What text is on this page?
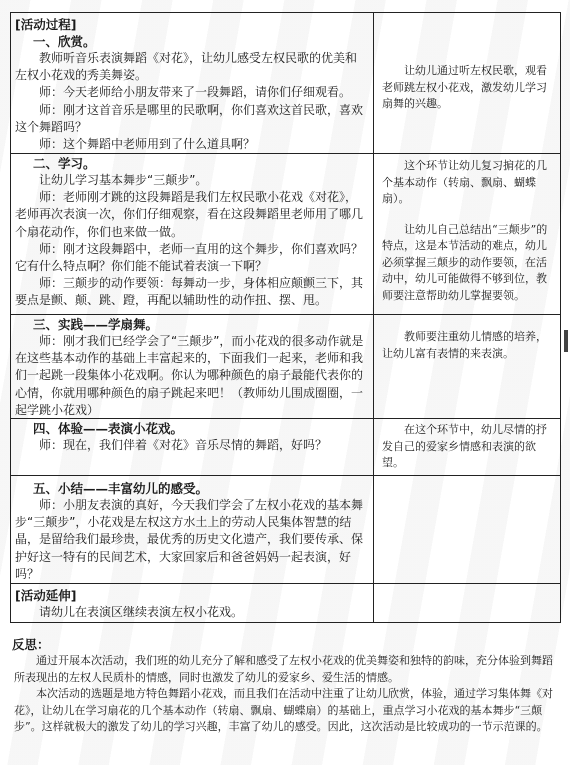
[活动过程]
一、欣赏。

教师听音乐表演舞蹈《对花》，让幼儿感受左权民歌的优美和左权小花戏的秀美舞姿。

师：今天老师给小朋友带来了一段舞蹈，请你们仔细观看。

师：刚才这首音乐是哪里的民歌啊，你们喜欢这首民歌，喜欢这个舞蹈吗？

师：这个舞蹈中老师用到了什么道具啊？

让幼儿通过听左权民歌，观看老师跳左权小花戏，激发幼儿学习扇舞的兴趣。

二、学习。

让幼儿学习基本舞步“三颠步”。

师：老师刚才跳的这段舞蹈是我们左权民歌小花戏《对花》，老师再次表演一次，你们仔细观察，看在这段舞蹈里老师用了哪几个扇花动作，你们也来做一做。

师：刚才这段舞蹈中，老师一直用的这个舞步，你们喜欢吗？它有什么特点啊？你们能不能试着表演一下啊？

师：三颠步的动作要领：每舞动一步，身体相应颠颤三下，其要点是颤、颠、跳、蹬，再配以辅助性的动作扭、摆、甩。

这个环节让幼儿复习掮花的几个基本动作（转扇、飘扇、蝴蝶扇）。

让幼儿自己总结出“三颠步”的特点，这是本节活动的难点，幼儿必须掌握三颠步的动作要领，在活动中，幼儿可能做得不够到位，教师要注意帮助幼儿掌握要领。

三、实践——学扇舞。

师：刚才我们已经学会了“三颠步”，而小花戏的很多动作就是在这些基本动作的基础上丰富起来的，下面我们一起来，老师和我们一起跳一段集体小花戏啊。你认为哪种颜色的扇子最能代表你的心情，你就用哪种颜色的扇子跳起来吧！（教师幼儿围成圈圈，一起学跳小花戏）

教师要注重幼儿情感的培养，让幼儿富有表情的来表演。

四、体验——表演小花戏。

师：现在，我们伴着《对花》音乐尽情的舞蹈，好吗？

在这个环节中，幼儿尽情的抒发自己的爱家乡情感和表演的欲望。

五、小结——丰富幼儿的感受。

师：小朋友表演的真好，今天我们学会了左权小花戏的基本舞步“三颠步”，小花戏是左权这方水土上的劳动人民集体智慧的结晶，是留给我们最珍贵，最优秀的历史文化遗产，我们要传承、保护好这一特有的民间艺术，大家回家后和爸爸妈妈一起表演，好吗？

[活动延伸]

请幼儿在表演区继续表演左权小花戏。

反思：

通过开展本次活动，我们班的幼儿充分了解和感受了左权小花戏的优美舞姿和独特的韵味，充分体验到舞蹈所表现出的左权人民质朴的情感，同时也激发了幼儿的爱家乡、爱生活的情感。

本次活动的选题是地方特色舞蹈小花戏，而且我们在活动中注重了让幼儿欣赏，体验，通过学习集体舞《对花》，让幼儿在学习扇花的几个基本动作（转扇、飘扇、蝴蝶扇）的基础上，重点学习小花戏的基本舞步“三颠步”。这样就极大的激发了幼儿的学习兴趣，丰富了幼儿的感受。因此，这次活动是比较成功的一节示范课的。
